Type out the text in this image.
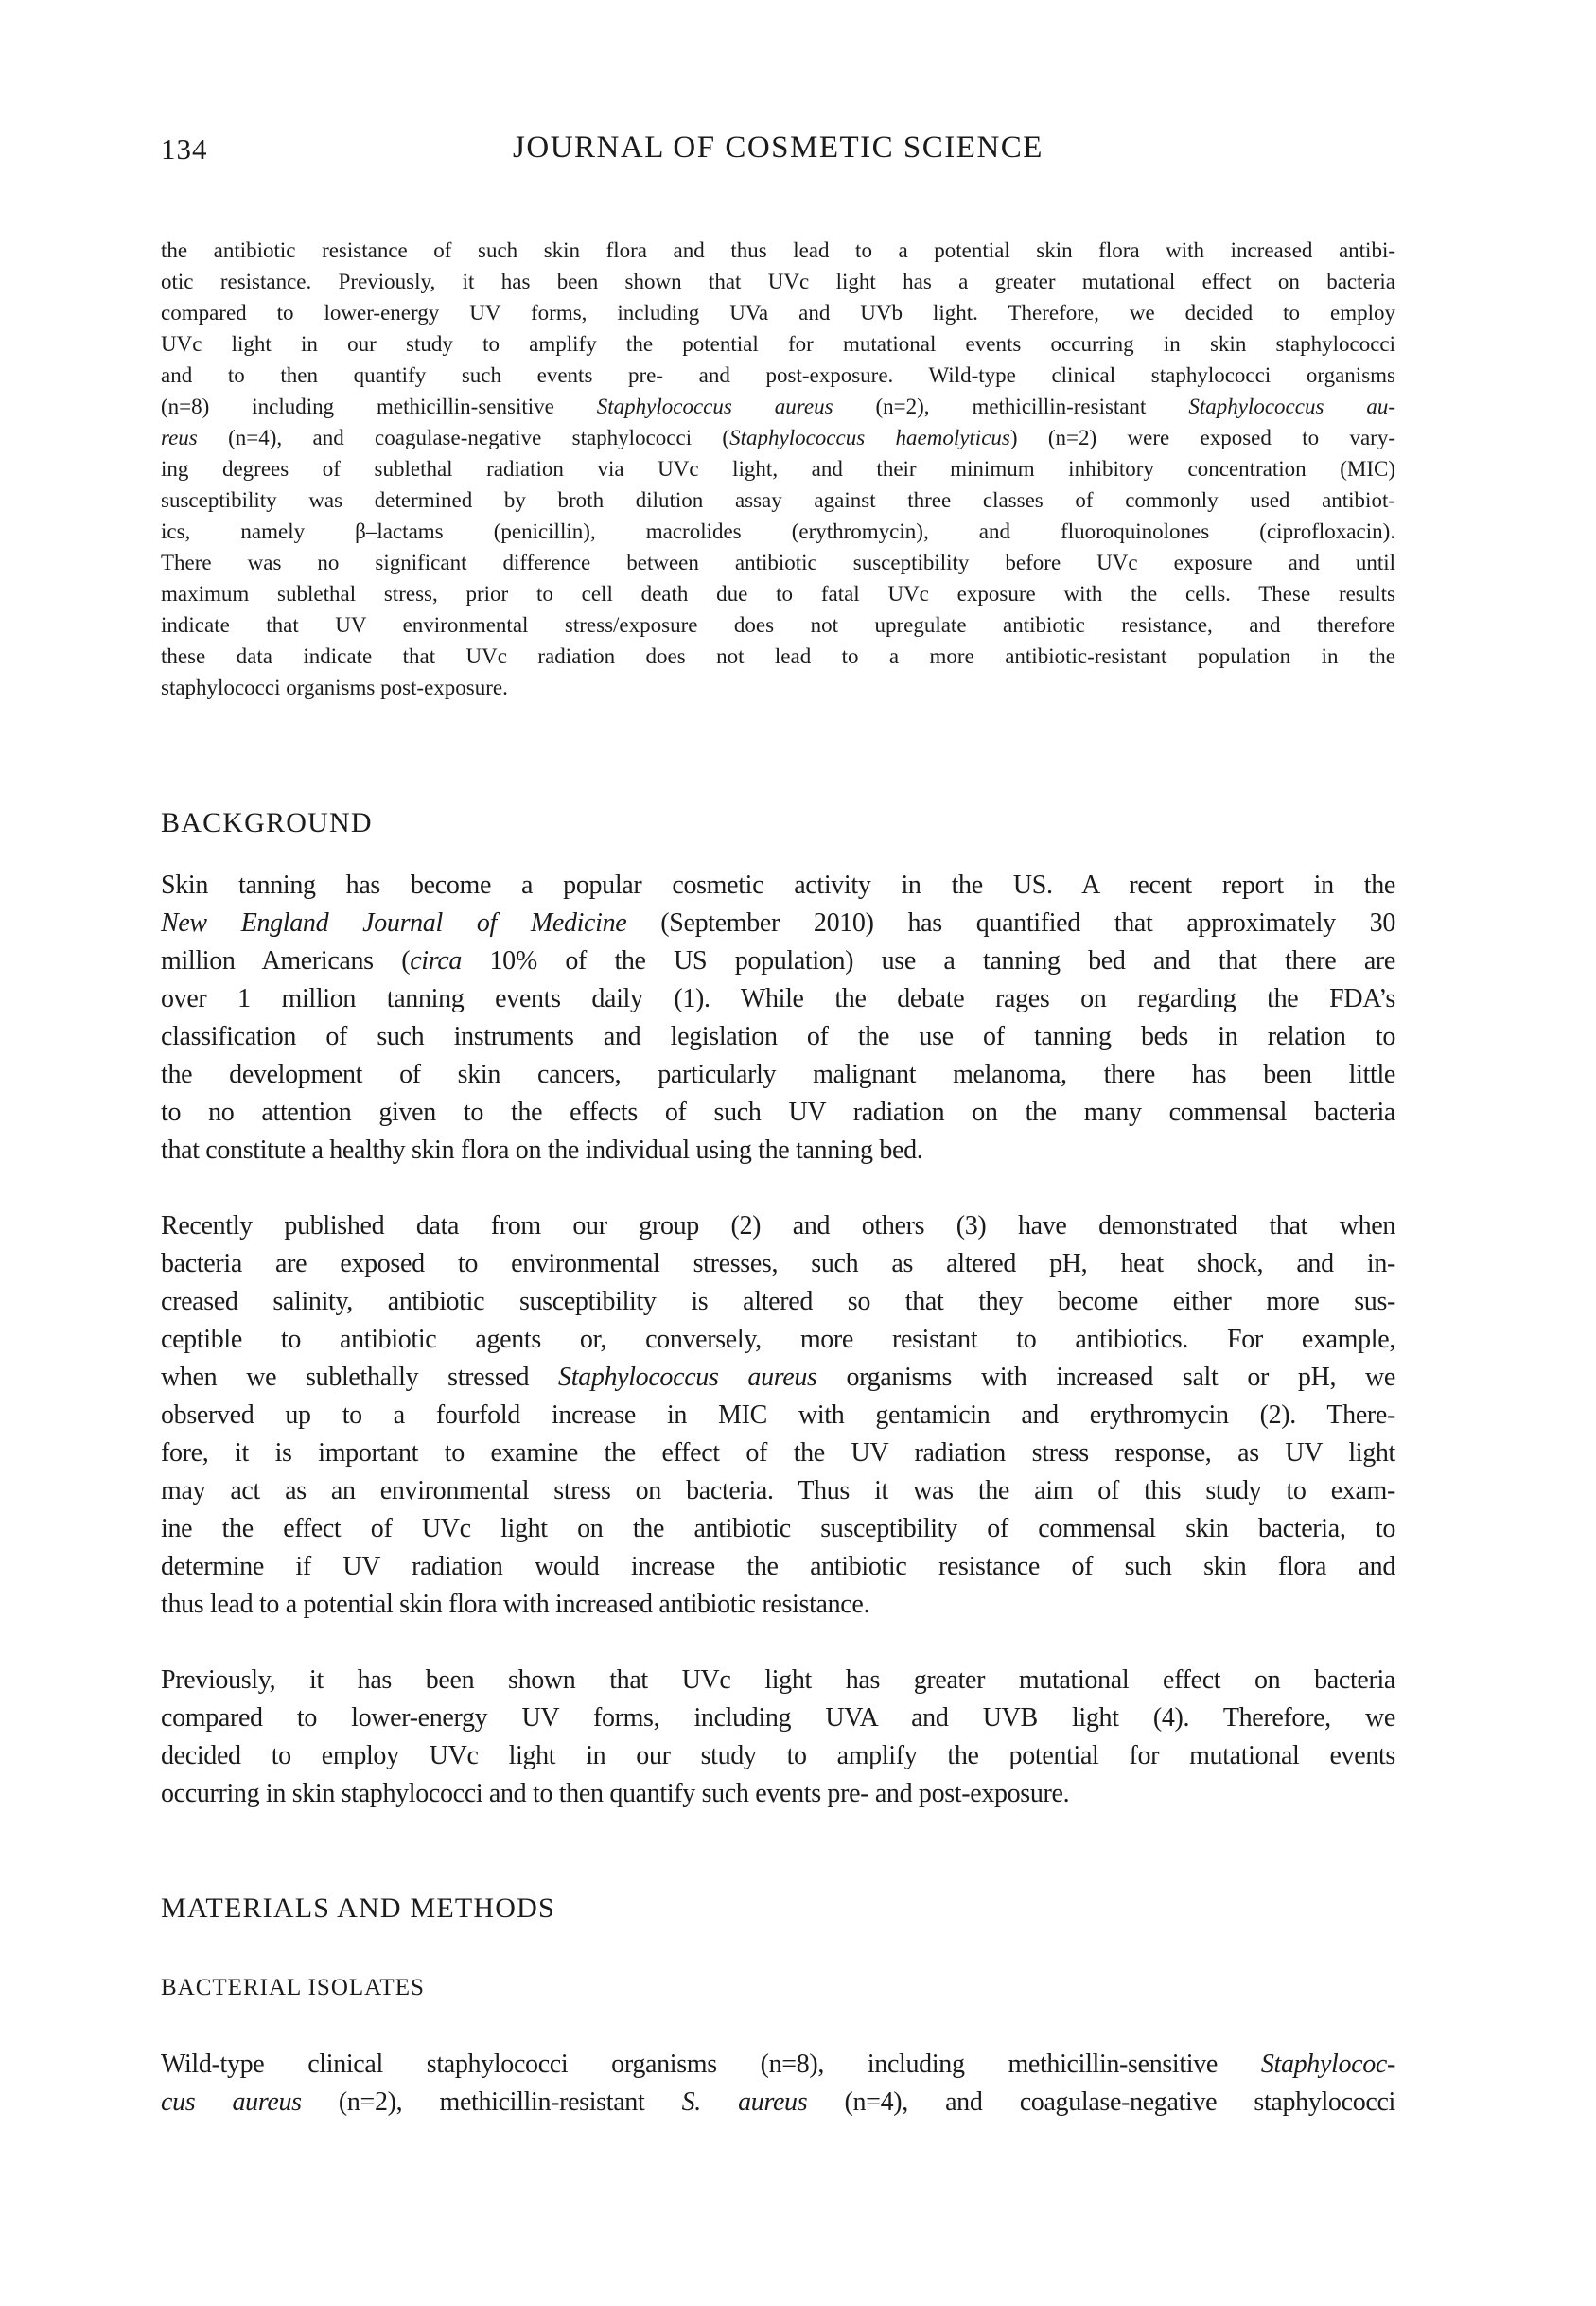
134	JOURNAL OF COSMETIC SCIENCE
the antibiotic resistance of such skin flora and thus lead to a potential skin flora with increased antibi-
otic resistance. Previously, it has been shown that UVc light has a greater mutational effect on bacteria
compared to lower-energy UV forms, including UVa and UVb light. Therefore, we decided to employ
UVc light in our study to amplify the potential for mutational events occurring in skin staphylococci
and to then quantify such events pre- and post-exposure. Wild-type clinical staphylococci organisms
(n=8) including methicillin-sensitive Staphylococcus aureus (n=2), methicillin-resistant Staphylococcus au-
reus (n=4), and coagulase-negative staphylococci (Staphylococcus haemolyticus) (n=2) were exposed to vary-
ing degrees of sublethal radiation via UVc light, and their minimum inhibitory concentration (MIC)
susceptibility was determined by broth dilution assay against three classes of commonly used antibiot-
ics, namely β–lactams (penicillin), macrolides (erythromycin), and fluoroquinolones (ciprofloxacin).
There was no significant difference between antibiotic susceptibility before UVc exposure and until
maximum sublethal stress, prior to cell death due to fatal UVc exposure with the cells. These results
indicate that UV environmental stress/exposure does not upregulate antibiotic resistance, and therefore
these data indicate that UVc radiation does not lead to a more antibiotic-resistant population in the
staphylococci organisms post-exposure.
BACKGROUND
Skin tanning has become a popular cosmetic activity in the US. A recent report in the
New England Journal of Medicine (September 2010) has quantified that approximately 30
million Americans (circa 10% of the US population) use a tanning bed and that there are
over 1 million tanning events daily (1). While the debate rages on regarding the FDA’s
classification of such instruments and legislation of the use of tanning beds in relation to
the development of skin cancers, particularly malignant melanoma, there has been little
to no attention given to the effects of such UV radiation on the many commensal bacteria
that constitute a healthy skin flora on the individual using the tanning bed.
Recently published data from our group (2) and others (3) have demonstrated that when
bacteria are exposed to environmental stresses, such as altered pH, heat shock, and in-
creased salinity, antibiotic susceptibility is altered so that they become either more sus-
ceptible to antibiotic agents or, conversely, more resistant to antibiotics. For example,
when we sublethally stressed Staphylococcus aureus organisms with increased salt or pH, we
observed up to a fourfold increase in MIC with gentamicin and erythromycin (2). There-
fore, it is important to examine the effect of the UV radiation stress response, as UV light
may act as an environmental stress on bacteria. Thus it was the aim of this study to exam-
ine the effect of UVc light on the antibiotic susceptibility of commensal skin bacteria, to
determine if UV radiation would increase the antibiotic resistance of such skin flora and
thus lead to a potential skin flora with increased antibiotic resistance.
Previously, it has been shown that UVc light has greater mutational effect on bacteria
compared to lower-energy UV forms, including UVA and UVB light (4). Therefore, we
decided to employ UVc light in our study to amplify the potential for mutational events
occurring in skin staphylococci and to then quantify such events pre- and post-exposure.
MATERIALS AND METHODS
BACTERIAL ISOLATES
Wild-type clinical staphylococci organisms (n=8), including methicillin-sensitive Staphylococ-
cus aureus (n=2), methicillin-resistant S. aureus (n=4), and coagulase-negative staphylococci
